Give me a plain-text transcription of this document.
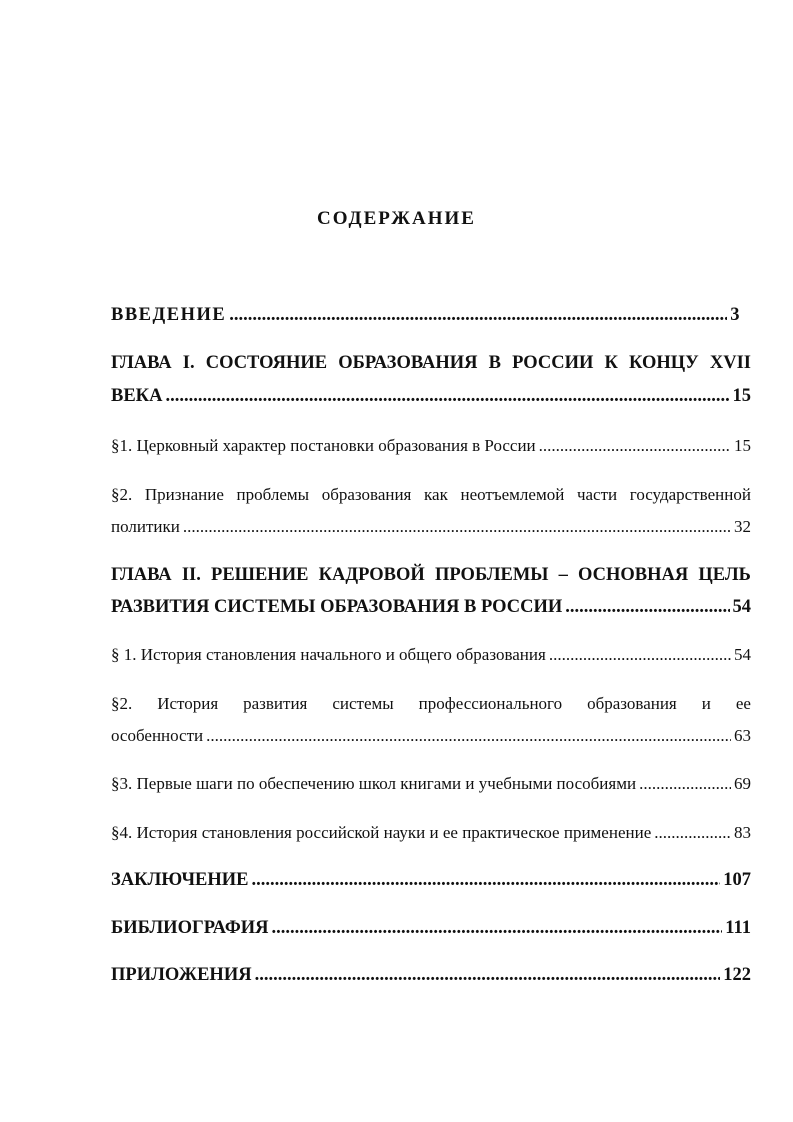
СОДЕРЖАНИЕ
ВВЕДЕНИЕ .....	3
ГЛАВА I. СОСТОЯНИЕ ОБРАЗОВАНИЯ В РОССИИ К КОНЦУ XVII
ВЕКА .....	15
§1. Церковный характер постановки образования в России .....	15
§2. Признание проблемы образования как неотъемлемой части государственной
политики .....	32
ГЛАВА II. РЕШЕНИЕ КАДРОВОЙ ПРОБЛЕМЫ – ОСНОВНАЯ ЦЕЛЬ
РАЗВИТИЯ СИСТЕМЫ ОБРАЗОВАНИЯ В РОССИИ .....	54
§ 1. История становления начального и общего образования .....	54
§2. История развития системы профессионального образования и ее
особенности .....	63
§3. Первые шаги по обеспечению школ книгами и учебными пособиями .....	69
§4. История становления российской науки и ее практическое применение .....	83
ЗАКЛЮЧЕНИЕ .....	107
БИБЛИОГРАФИЯ .....	111
ПРИЛОЖЕНИЯ .....	122
